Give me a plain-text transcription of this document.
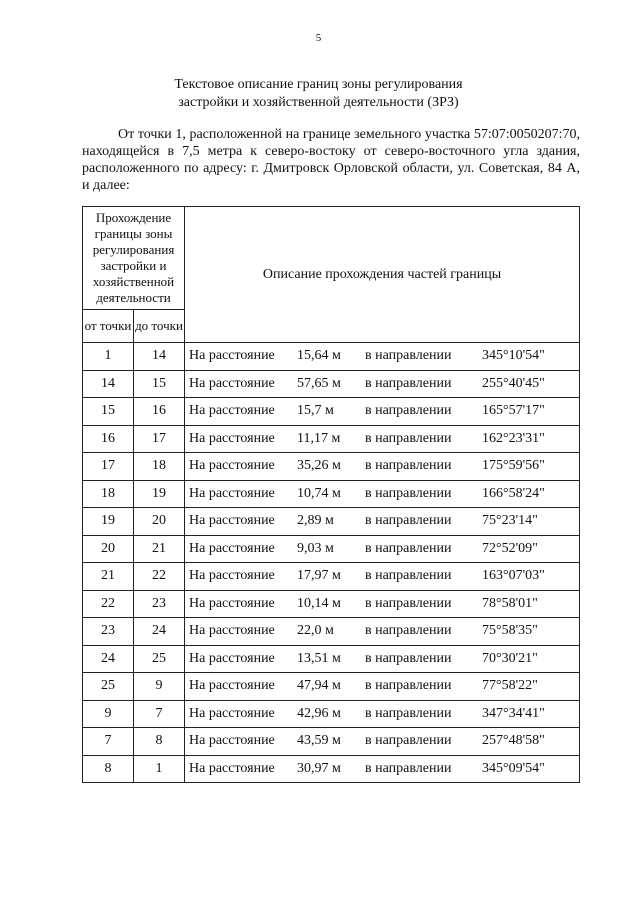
5
Текстовое описание границ зоны регулирования
застройки и хозяйственной деятельности (ЗРЗ)
От точки 1, расположенной на границе земельного участка 57:07:0050207:70, находящейся в 7,5 метра к северо-востоку от северо-восточного угла здания, расположенного по адресу: г. Дмитровск Орловской области, ул. Советская, 84 А, и далее:
Прохождение границы зоны регулирования застройки и хозяйственной деятельности		Описание прохождения частей границы
от точки	до точки	
1	14	На расстояние 15,64 м в направлении 345°10'54"

14	15	На расстояние 57,65 м в направлении 255°40'45"

15	16	На расстояние 15,7 м в направлении 165°57'17"

16	17	На расстояние 11,17 м в направлении 162°23'31"

17	18	На расстояние 35,26 м в направлении 175°59'56"

18	19	На расстояние 10,74 м в направлении 166°58'24"

19	20	На расстояние 2,89 м в направлении 75°23'14"

20	21	На расстояние 9,03 м в направлении 72°52'09"

21	22	На расстояние 17,97 м в направлении 163°07'03"

22	23	На расстояние 10,14 м в направлении 78°58'01"

23	24	На расстояние 22,0 м в направлении 75°58'35"

24	25	На расстояние 13,51 м в направлении 70°30'21"

25	9	На расстояние 47,94 м в направлении 77°58'22"

9	7	На расстояние 42,96 м в направлении 347°34'41"

7	8	На расстояние 43,59 м в направлении 257°48'58"

8	1	На расстояние 30,97 м в направлении 345°09'54"
